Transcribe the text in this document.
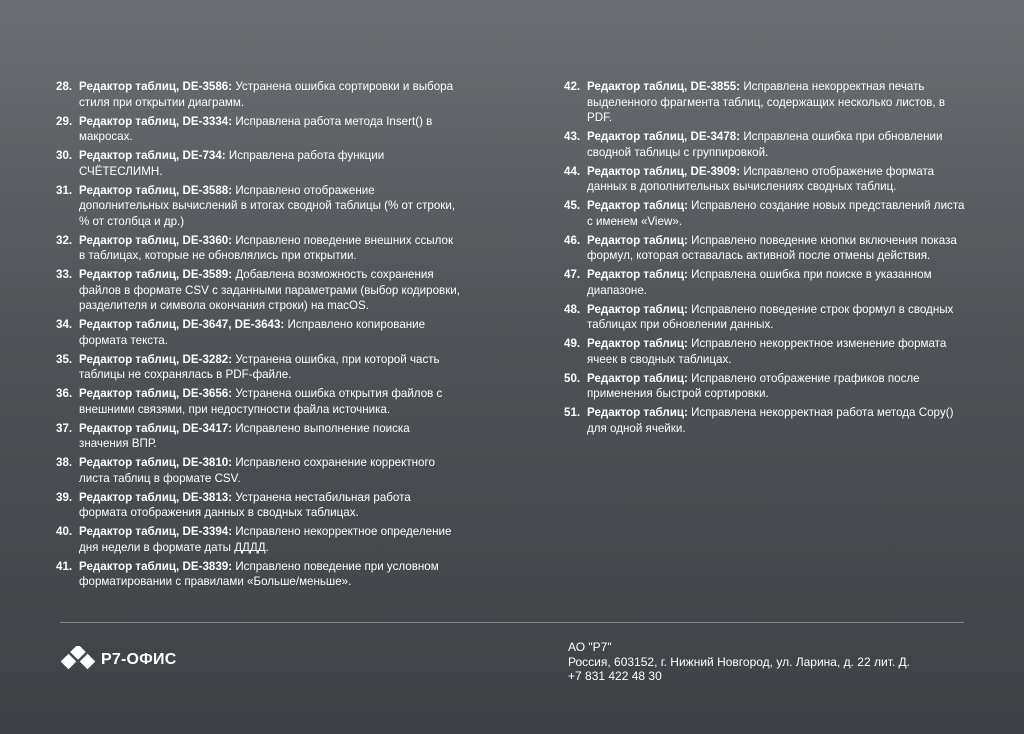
28. Редактор таблиц, DE-3586: Устранена ошибка сортировки и выбора стиля при открытии диаграмм.
29. Редактор таблиц, DE-3334: Исправлена работа метода Insert() в макросах.
30. Редактор таблиц, DE-734: Исправлена работа функции СЧЁТЕСЛИМН.
31. Редактор таблиц, DE-3588: Исправлено отображение дополнительных вычислений в итогах сводной таблицы (% от строки, % от столбца и др.)
32. Редактор таблиц, DE-3360: Исправлено поведение внешних ссылок в таблицах, которые не обновлялись при открытии.
33. Редактор таблиц, DE-3589: Добавлена возможность сохранения файлов в формате CSV с заданными параметрами (выбор кодировки, разделителя и символа окончания строки) на macOS.
34. Редактор таблиц, DE-3647, DE-3643: Исправлено копирование формата текста.
35. Редактор таблиц, DE-3282: Устранена ошибка, при которой часть таблицы не сохранялась в PDF-файле.
36. Редактор таблиц, DE-3656: Устранена ошибка открытия файлов с внешними связями, при недоступности файла источника.
37. Редактор таблиц, DE-3417: Исправлено выполнение поиска значения ВПР.
38. Редактор таблиц, DE-3810: Исправлено сохранение корректного листа таблиц в формате CSV.
39. Редактор таблиц, DE-3813: Устранена нестабильная работа формата отображения данных в сводных таблицах.
40. Редактор таблиц, DE-3394: Исправлено некорректное определение дня недели в формате даты ДДДД.
41. Редактор таблиц, DE-3839: Исправлено поведение при условном форматировании с правилами «Больше/меньше».
42. Редактор таблиц, DE-3855: Исправлена некорректная печать выделенного фрагмента таблиц, содержащих несколько листов, в PDF.
43. Редактор таблиц, DE-3478: Исправлена ошибка при обновлении сводной таблицы с группировкой.
44. Редактор таблиц, DE-3909: Исправлено отображение формата данных в дополнительных вычислениях сводных таблиц.
45. Редактор таблиц: Исправлено создание новых представлений листа с именем «View».
46. Редактор таблиц: Исправлено поведение кнопки включения показа формул, которая оставалась активной после отмены действия.
47. Редактор таблиц: Исправлена ошибка при поиске в указанном диапазоне.
48. Редактор таблиц: Исправлено поведение строк формул в сводных таблицах при обновлении данных.
49. Редактор таблиц: Исправлено некорректное изменение формата ячеек в сводных таблицах.
50. Редактор таблиц: Исправлено отображение графиков после применения быстрой сортировки.
51. Редактор таблиц: Исправлена некорректная работа метода Copy() для одной ячейки.
Р7-ОФИС
АО "Р7"
Россия, 603152, г. Нижний Новгород, ул. Ларина, д. 22 лит. Д.
+7 831 422 48 30
